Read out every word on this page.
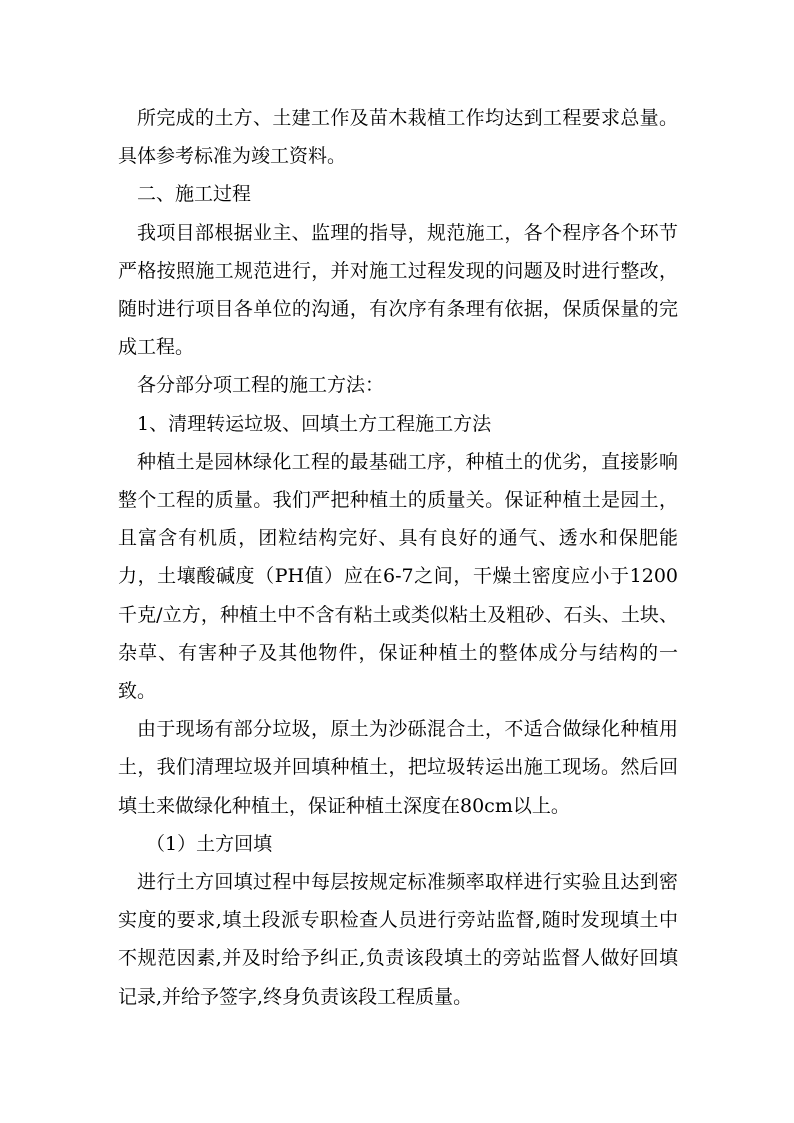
所完成的土方、土建工作及苗木栽植工作均达到工程要求总量。具体参考标准为竣工资料。

二、施工过程

我项目部根据业主、监理的指导，规范施工，各个程序各个环节严格按照施工规范进行，并对施工过程发现的问题及时进行整改，随时进行项目各单位的沟通，有次序有条理有依据，保质保量的完成工程。

各分部分项工程的施工方法：

1、清理转运垃圾、回填土方工程施工方法

种植土是园林绿化工程的最基础工序，种植土的优劣，直接影响整个工程的质量。我们严把种植土的质量关。保证种植土是园土，且富含有机质，团粒结构完好、具有良好的通气、透水和保肥能力，土壤酸碱度（PH值）应在6-7之间，干燥土密度应小于1200千克/立方，种植土中不含有粘土或类似粘土及粗砂、石头、土块、杂草、有害种子及其他物件，保证种植土的整体成分与结构的一致。

由于现场有部分垃圾，原土为沙砾混合土，不适合做绿化种植用土，我们清理垃圾并回填种植土，把垃圾转运出施工现场。然后回填土来做绿化种植土，保证种植土深度在80cm以上。

（1）土方回填

进行土方回填过程中每层按规定标准频率取样进行实验且达到密实度的要求,填土段派专职检查人员进行旁站监督,随时发现填土中不规范因素,并及时给予纠正,负责该段填土的旁站监督人做好回填记录,并给予签字,终身负责该段工程质量。
